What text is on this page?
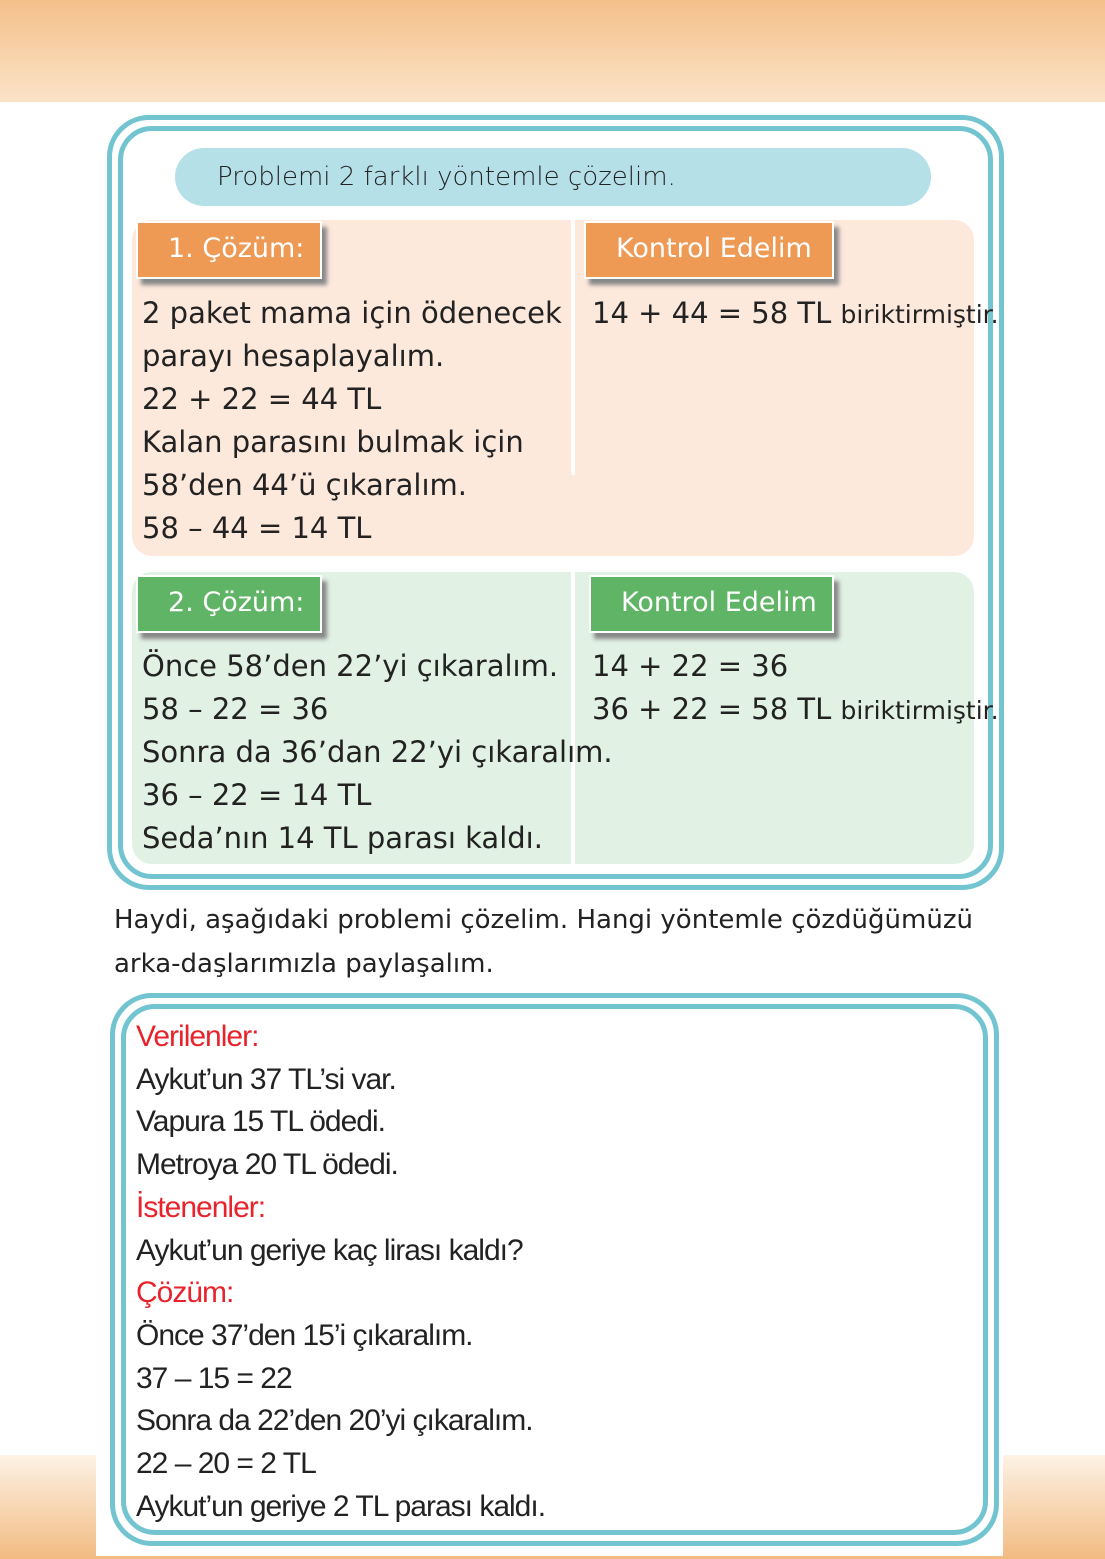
Problemi 2 farklı yöntemle çözelim.
1. Çözüm:	Kontrol Edelim
2 paket mama için ödenecek
parayı hesaplayalım.
22 + 22 = 44 TL
Kalan parasını bulmak için
58’den 44’ü çıkaralım.
58 – 44 = 14 TL
14 + 44 = 58 TL biriktirmiştir.
2. Çözüm:	Kontrol Edelim
Önce 58’den 22’yi çıkaralım.
58 – 22 = 36
Sonra da 36’dan 22’yi çıkaralım.
36 – 22 = 14 TL
Seda’nın 14 TL parası kaldı.
14 + 22 = 36
36 + 22 = 58 TL biriktirmiştir.
Haydi, aşağıdaki problemi çözelim. Hangi yöntemle çözdüğümüzü arka-daşlarımızla paylaşalım.
Verilenler:
Aykut’un 37 TL’si var.
Vapura 15 TL ödedi.
Metroya 20 TL ödedi.
İstenenler:
Aykut’un geriye kaç lirası kaldı?
Çözüm:
Önce 37’den 15’i çıkaralım.
37 – 15 = 22
Sonra da 22’den 20’yi çıkaralım.
22 – 20 = 2 TL
Aykut’un geriye 2 TL parası kaldı.
